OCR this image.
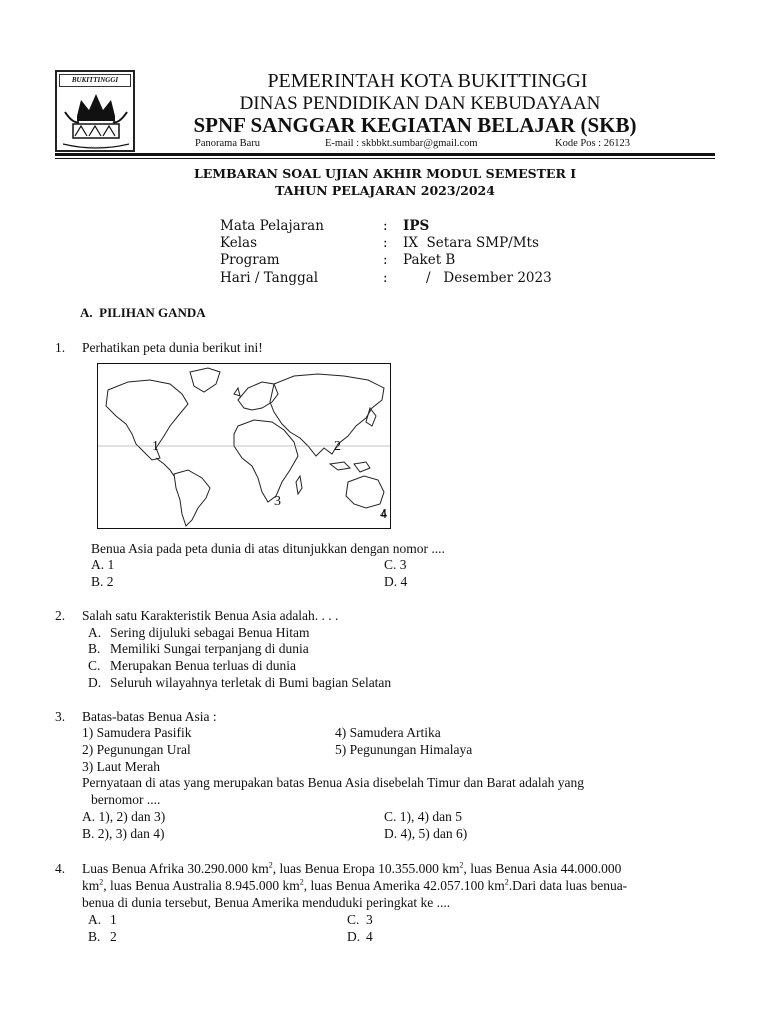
BUKITTINGGI
· · · · · · · · · · ·
PEMERINTAH KOTA BUKITTINGGI
DINAS PENDIDIKAN DAN KEBUDAYAAN
SPNF SANGGAR KEGIATAN BELAJAR (SKB)
Panorama Baru	E-mail : skbbkt.sumbar@gmail.com	Kode Pos : 26123
LEMBARAN SOAL UJIAN AKHIR MODUL SEMESTER I
TAHUN PELAJARAN 2023/2024
Mata Pelajaran	: IPS
Kelas	: IX  Setara SMP/Mts
Program	: Paket B
Hari / Tanggal	:	/   Desember 2023
A.  PILIHAN GANDA
1. Perhatikan peta dunia berikut ini!
1	2
3
4
Benua Asia pada peta dunia di atas ditunjukkan dengan nomor ....
A. 1	C. 3
B. 2	D. 4
2. Salah satu Karakteristik Benua Asia adalah. . . .
A. Sering dijuluki sebagai Benua Hitam
B. Memiliki Sungai terpanjang di dunia
C. Merupakan Benua terluas di dunia
D. Seluruh wilayahnya terletak di Bumi bagian Selatan
3. Batas-batas Benua Asia :
1) Samudera Pasifik	4) Samudera Artika
2) Pegunungan Ural	5) Pegunungan Himalaya
3) Laut Merah
Pernyataan di atas yang merupakan batas Benua Asia disebelah Timur dan Barat adalah yang
bernomor ....
A. 1), 2) dan 3)	C. 1), 4) dan 5
B. 2), 3) dan 4)	D. 4), 5) dan 6)
4. Luas Benua Afrika 30.290.000 $km^2$, luas Benua Eropa 10.355.000 $km^2$, luas Benua Asia 44.000.000
$km^2$, luas Benua Australia 8.945.000 $km^2$, luas Benua Amerika 42.057.100 $km^2.Dari$ data luas benua-
benua di dunia tersebut, Benua Amerika menduduki peringkat ke ....
A. 1	C. 3
B. 2	D. 4
